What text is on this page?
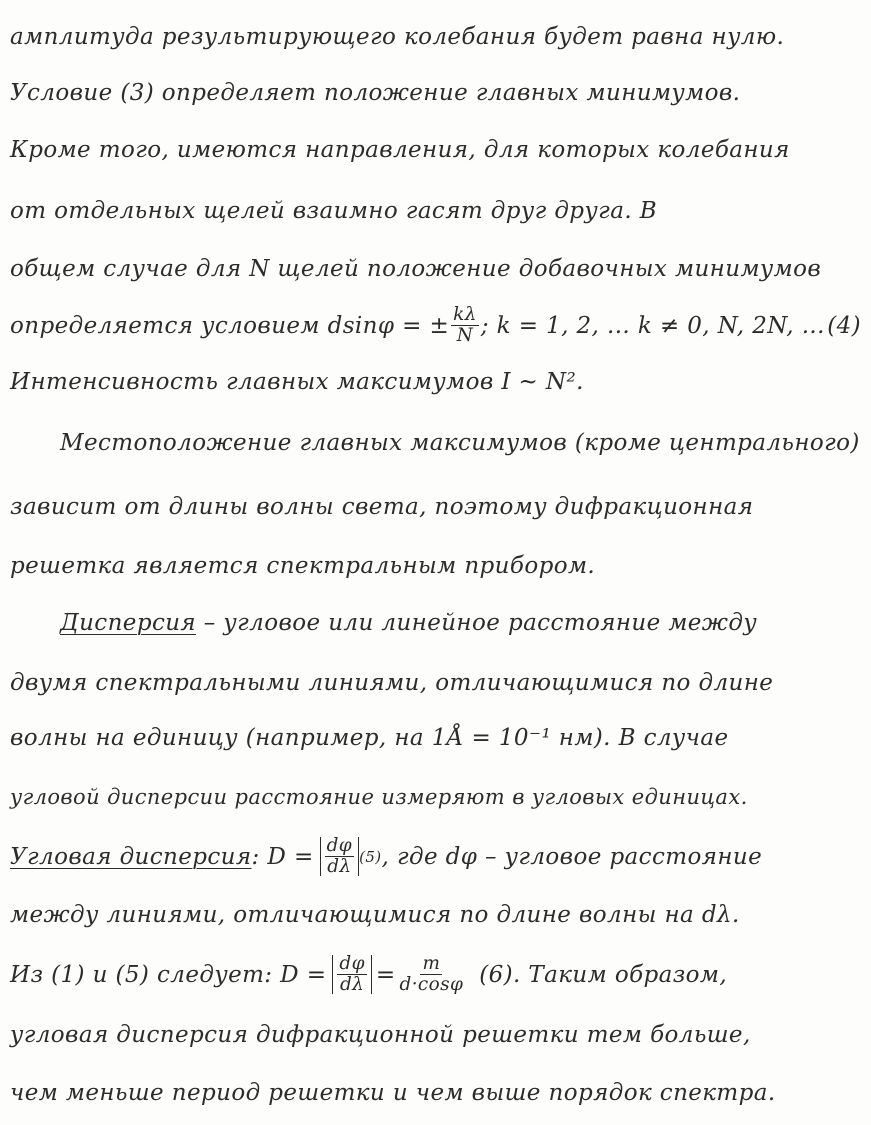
амплитуда результирующего колебания будет равна нулю.
Условие (3) определяет положение главных минимумов.
Кроме того, имеются направления, для которых колебания
от отдельных щелей взаимно гасят друг друга. В
общем случае для N щелей положение добавочных минимумов
определяется условием dsinφ = ± $\frac{k\lambda}{N}$ ; k = 1, 2, ... k ≠ 0, N, 2N, ... (4)
Интенсивность главных максимумов I ~ N².
Местоположение главных максимумов (кроме центрального)
зависит от длины волны света, поэтому дифракционная
решетка является спектральным прибором.
Дисперсия – угловое или линейное расстояние между
двумя спектральными линиями, отличающимися по длине
волны на единицу (например, на 1Å = 10⁻¹ нм). В случае
угловой дисперсии расстояние измеряют в угловых единицах.
Угловая дисперсия : $D = \frac{d\varphi}{d\lambda} (5)$ , где dφ – угловое расстояние
между линиями, отличающимися по длине волны на dλ.
Из (1) и (5) следует: $D = \frac{d\varphi}{d\lambda} = \frac{m}{d\cdot\cos\varphi} (6)$. Таким образом,
угловая дисперсия дифракционной решетки тем больше,
чем меньше период решетки и чем выше порядок спектра.
